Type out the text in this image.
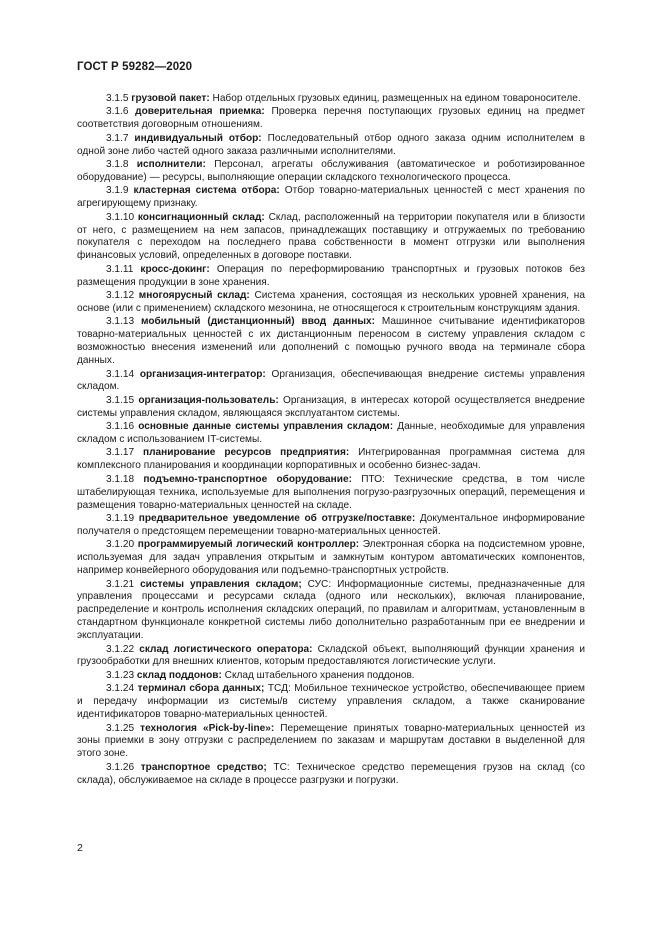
ГОСТ Р 59282—2020

3.1.5 грузовой пакет: Набор отдельных грузовых единиц, размещенных на едином товароносителе.

3.1.6 доверительная приемка: Проверка перечня поступающих грузовых единиц на предмет соответствия договорным отношениям.

3.1.7 индивидуальный отбор: Последовательный отбор одного заказа одним исполнителем в одной зоне либо частей одного заказа различными исполнителями.

3.1.8 исполнители: Персонал, агрегаты обслуживания (автоматическое и роботизированное оборудование) — ресурсы, выполняющие операции складского технологического процесса.

3.1.9 кластерная система отбора: Отбор товарно-материальных ценностей с мест хранения по агрегирующему признаку.

3.1.10 консигнационный склад: Склад, расположенный на территории покупателя или в близости от него, с размещением на нем запасов, принадлежащих поставщику и отгружаемых по требованию покупателя с переходом на последнего права собственности в момент отгрузки или выполнения финансовых условий, определенных в договоре поставки.

3.1.11 кросс-докинг: Операция по переформированию транспортных и грузовых потоков без размещения продукции в зоне хранения.

3.1.12 многоярусный склад: Система хранения, состоящая из нескольких уровней хранения, на основе (или с применением) складского мезонина, не относящегося к строительным конструкциям здания.

3.1.13 мобильный (дистанционный) ввод данных: Машинное считывание идентификаторов товарно-материальных ценностей с их дистанционным переносом в систему управления складом с возможностью внесения изменений или дополнений с помощью ручного ввода на терминале сбора данных.

3.1.14 организация-интегратор: Организация, обеспечивающая внедрение системы управления складом.

3.1.15 организация-пользователь: Организация, в интересах которой осуществляется внедрение системы управления складом, являющаяся эксплуатантом системы.

3.1.16 основные данные системы управления складом: Данные, необходимые для управления складом с использованием IT-системы.

3.1.17 планирование ресурсов предприятия: Интегрированная программная система для комплексного планирования и координации корпоративных и особенно бизнес-задач.

3.1.18 подъемно-транспортное оборудование: ПТО: Технические средства, в том числе штабелирующая техника, используемые для выполнения погрузо-разгрузочных операций, перемещения и размещения товарно-материальных ценностей на складе.

3.1.19 предварительное уведомление об отгрузке/поставке: Документальное информирование получателя о предстоящем перемещении товарно-материальных ценностей.

3.1.20 программируемый логический контроллер: Электронная сборка на подсистемном уровне, используемая для задач управления открытым и замкнутым контуром автоматических компонентов, например конвейерного оборудования или подъемно-транспортных устройств.

3.1.21 системы управления складом; СУС: Информационные системы, предназначенные для управления процессами и ресурсами склада (одного или нескольких), включая планирование, распределение и контроль исполнения складских операций, по правилам и алгоритмам, установленным в стандартном функционале конкретной системы либо дополнительно разработанным при ее внедрении и эксплуатации.

3.1.22 склад логистического оператора: Складской объект, выполняющий функции хранения и грузообработки для внешних клиентов, которым предоставляются логистические услуги.

3.1.23 склад поддонов: Склад штабельного хранения поддонов.

3.1.24 терминал сбора данных; ТСД: Мобильное техническое устройство, обеспечивающее прием и передачу информации из системы/в систему управления складом, а также сканирование идентификаторов товарно-материальных ценностей.

3.1.25 технология «Pick-by-line»: Перемещение принятых товарно-материальных ценностей из зоны приемки в зону отгрузки с распределением по заказам и маршрутам доставки в выделенной для этого зоне.

3.1.26 транспортное средство; ТС: Техническое средство перемещения грузов на склад (со склада), обслуживаемое на складе в процессе разгрузки и погрузки.

2
